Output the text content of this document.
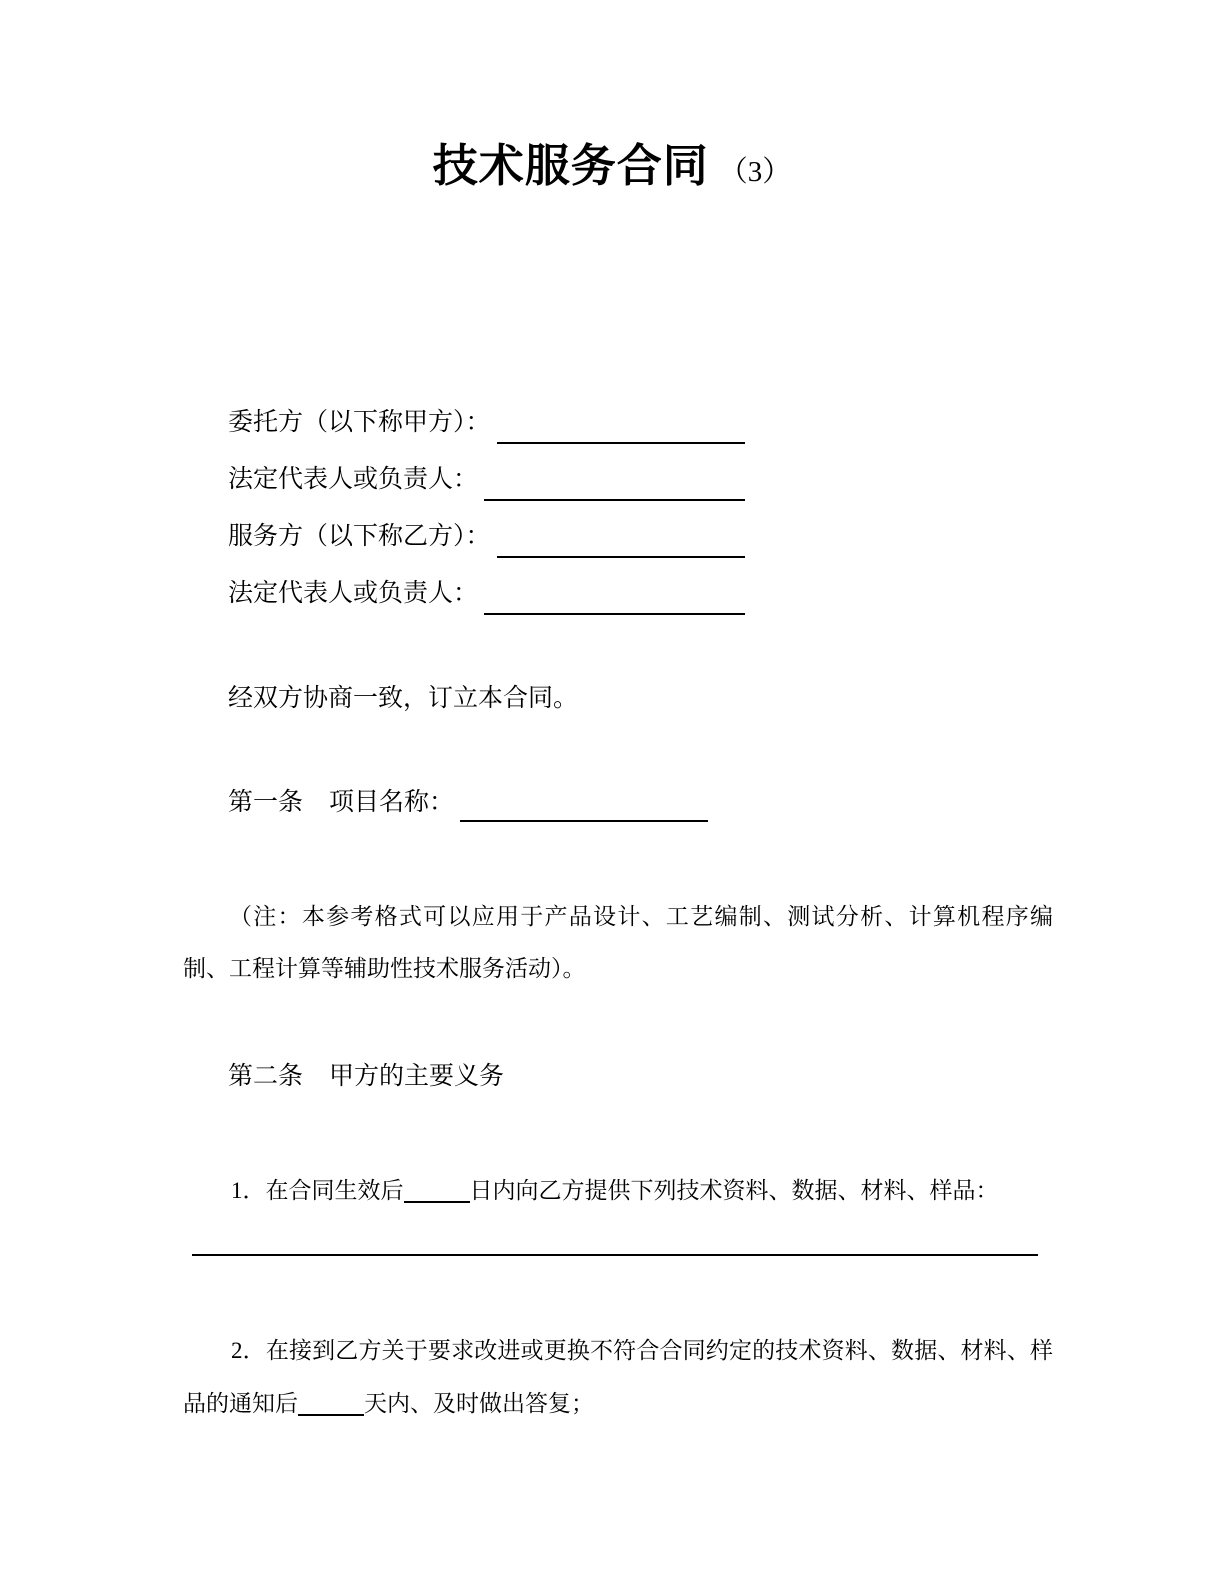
技术服务合同 （3）
委托方（以下称甲方）：
法定代表人或负责人：
服务方（以下称乙方）：
法定代表人或负责人：

经双方协商一致，订立本合同。

第一条 项目名称：

（注：本参考格式可以应用于产品设计、工艺编制、测试分析、计算机程序编制、工程计算等辅助性技术服务活动）。

第二条 甲方的主要义务

1．在合同生效后	日内向乙方提供下列技术资料、数据、材料、样品：

2．在接到乙方关于要求改进或更换不符合合同约定的技术资料、数据、材料、样品的通知后	天内、及时做出答复；
